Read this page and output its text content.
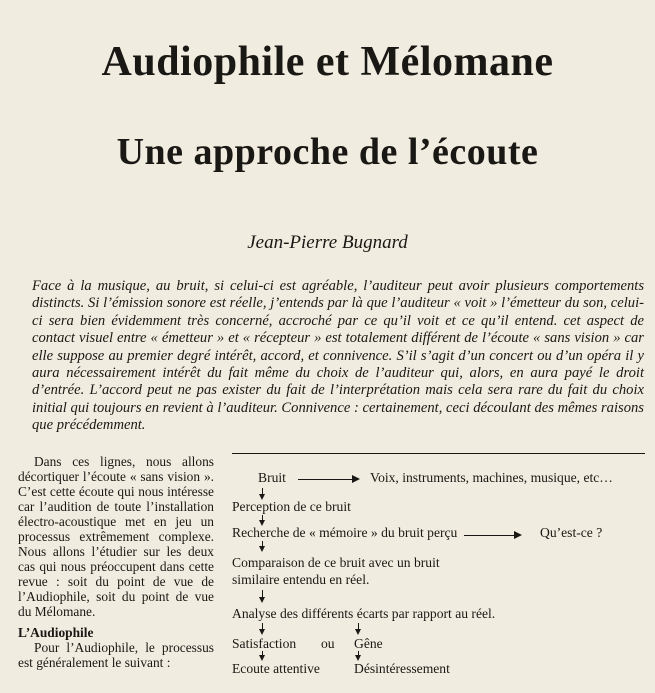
Audiophile et Mélomane
Une approche de l’écoute
Jean-Pierre Bugnard

Face à la musique, au bruit, si celui-ci est agréable, l’auditeur peut avoir plusieurs comportements distincts. Si l’émission sonore est réelle, j’entends par là que l’auditeur « voit » l’émetteur du son, celui-ci sera bien évidemment très concerné, accroché par ce qu’il voit et ce qu’il entend. cet aspect de contact visuel entre « émetteur » et « récepteur » est totalement différent de l’écoute « sans vision » car elle suppose au premier degré intérêt, accord, et connivence. S’il s’agit d’un concert ou d’un opéra il y aura nécessairement intérêt du fait même du choix de l’auditeur qui, alors, en aura payé le droit d’entrée. L’accord peut ne pas exister du fait de l’interprétation mais cela sera rare du fait du choix initial qui toujours en revient à l’auditeur. Connivence : certainement, ceci découlant des mêmes raisons que précédemment.

Dans ces lignes, nous allons décortiquer l’écoute « sans vision ». C’est cette écoute qui nous intéresse car l’audition de toute l’installation électro-acoustique met en jeu un processus extrêmement complexe. Nous allons l’étudier sur les deux cas qui nous préoccupent dans cette revue : soit du point de vue de l’Audiophile, soit du point de vue du Mélomane.

L’Audiophile

Pour l’Audiophile, le processus est généralement le suivant :

Bruit	Voix, instruments, machines, musique, etc…
Perception de ce bruit
Recherche de « mémoire » du bruit perçu	Qu’est-ce ?
Comparaison de ce bruit avec un bruit
similaire entendu en réel.
Analyse des différents écarts par rapport au réel.
Satisfaction ou Gêne
Ecoute attentive	Désintéressement
